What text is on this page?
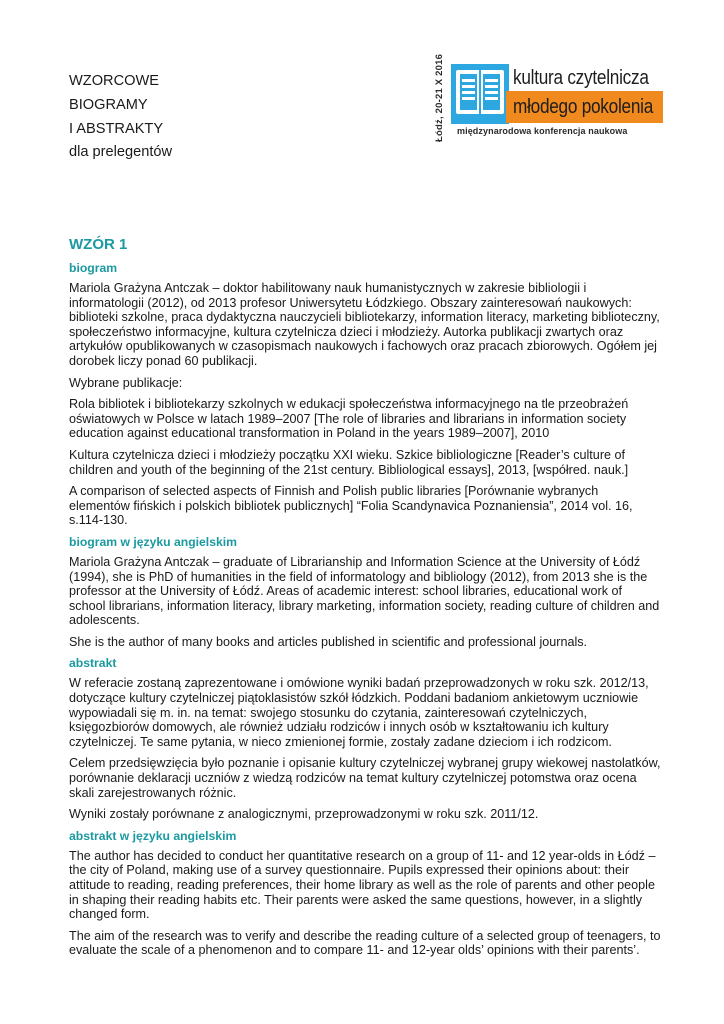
WZORCOWE
BIOGRAMY
I ABSTRAKTY
dla prelegentów
Łódź, 20-21 X 2016	kultura czytelnicza
młodego pokolenia
międzynarodowa konferencja naukowa
WZÓR 1
biogram
Mariola Grażyna Antczak – doktor habilitowany nauk humanistycznych w zakresie bibliologii i informatologii (2012), od 2013 profesor Uniwersytetu Łódzkiego. Obszary zainteresowań naukowych: biblioteki szkolne, praca dydaktyczna nauczycieli bibliotekarzy, information literacy, marketing biblioteczny, społeczeństwo informacyjne, kultura czytelnicza dzieci i młodzieży. Autorka publikacji zwartych oraz artykułów opublikowanych w czasopismach naukowych i fachowych oraz pracach zbiorowych. Ogółem jej dorobek liczy ponad 60 publikacji.
Wybrane publikacje:
Rola bibliotek i bibliotekarzy szkolnych w edukacji społeczeństwa informacyjnego na tle przeobrażeń oświatowych w Polsce w latach 1989–2007 [The role of libraries and librarians in information society education against educational transformation in Poland in the years 1989–2007], 2010
Kultura czytelnicza dzieci i młodzieży początku XXI wieku. Szkice bibliologiczne [Reader’s culture of children and youth of the beginning of the 21st century. Bibliological essays], 2013, [współred. nauk.]
A comparison of selected aspects of Finnish and Polish public libraries [Porównanie wybranych elementów fińskich i polskich bibliotek publicznych] “Folia Scandynavica Poznaniensia”, 2014 vol. 16, s.114-130.
biogram w języku angielskim
Mariola Grażyna Antczak – graduate of Librarianship and Information Science at the University of Łódź (1994), she is PhD of humanities in the field of informatology and bibliology (2012), from 2013 she is the professor at the University of Łódź. Areas of academic interest: school libraries, educational work of school librarians, information literacy, library marketing, information society, reading culture of children and adolescents.
She is the author of many books and articles published in scientific and professional journals.
abstrakt
W referacie zostaną zaprezentowane i omówione wyniki badań przeprowadzonych w roku szk. 2012/13, dotyczące kultury czytelniczej piątoklasistów szkół łódzkich. Poddani badaniom ankietowym uczniowie wypowiadali się m. in. na temat: swojego stosunku do czytania, zainteresowań czytelniczych, księgozbiorów domowych, ale również udziału rodziców i innych osób w kształtowaniu ich kultury czytelniczej. Te same pytania, w nieco zmienionej formie, zostały zadane dzieciom i ich rodzicom.
Celem przedsięwzięcia było poznanie i opisanie kultury czytelniczej wybranej grupy wiekowej nastolatków, porównanie deklaracji uczniów z wiedzą rodziców na temat kultury czytelniczej potomstwa oraz ocena skali zarejestrowanych różnic.
Wyniki zostały porównane z analogicznymi, przeprowadzonymi w roku szk. 2011/12.
abstrakt w języku angielskim
The author has decided to conduct her quantitative research on a group of 11- and 12 year-olds in Łódź – the city of Poland, making use of a survey questionnaire. Pupils expressed their opinions about: their attitude to reading, reading preferences, their home library as well as the role of parents and other people in shaping their reading habits etc. Their parents were asked the same questions, however, in a slightly changed form.
The aim of the research was to verify and describe the reading culture of a selected group of teenagers, to evaluate the scale of a phenomenon and to compare 11- and 12-year olds’ opinions with their parents’.
